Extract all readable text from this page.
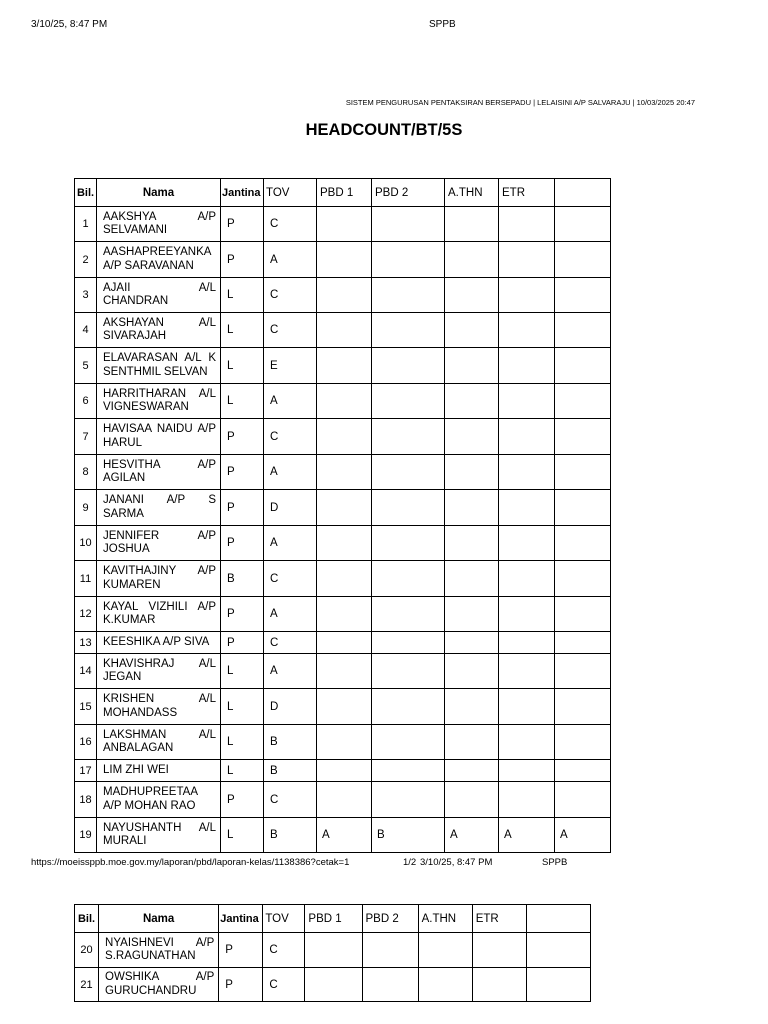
3/10/25, 8:47 PM	SPPB
SISTEM PENGURUSAN PENTAKSIRAN BERSEPADU | LELAISINI A/P SALVARAJU | 10/03/2025 20:47
HEADCOUNT/BT/5S
Bil.	Nama	Jantina	TOV	PBD 1	PBD 2	A.THN	ETR	
1	AAKSHYA A/P SELVAMANI	P	C					
2	AASHAPREEYANKA A/P SARAVANAN	P	A					
3	AJAII A/L CHANDRAN	L	C					
4	AKSHAYAN A/L SIVARAJAH	L	C					
5	ELAVARASAN A/L K SENTHMIL SELVAN	L	E					
6	HARRITHARAN A/L VIGNESWARAN	L	A					
7	HAVISAA NAIDU A/P HARUL	P	C					
8	HESVITHA A/P AGILAN	P	A					
9	JANANI A/P S SARMA	P	D					
10	JENNIFER A/P JOSHUA	P	A					
11	KAVITHAJINY A/P KUMAREN	B	C					
12	KAYAL VIZHILI A/P K.KUMAR	P	A					
13	KEESHIKA A/P SIVA	P	C					
14	KHAVISHRAJ A/L JEGAN	L	A					
15	KRISHEN A/L MOHANDASS	L	D					
16	LAKSHMAN A/L ANBALAGAN	L	B					
17	LIM ZHI WEI	L	B					
18	MADHUPREETAA A/P MOHAN RAO	P	C					
19	NAYUSHANTH A/L MURALI	L	B	A	B	A	A	A
https://moeissppb.moe.gov.my/laporan/pbd/laporan-kelas/1138386?cetak=1	1/2 3/10/25, 8:47 PM	SPPB
Bil.	Nama	Jantina	TOV	PBD 1	PBD 2	A.THN	ETR	
20	NYAISHNEVI A/P S.RAGUNATHAN	P	C					
21	OWSHIKA A/P GURUCHANDRU	P	C					
